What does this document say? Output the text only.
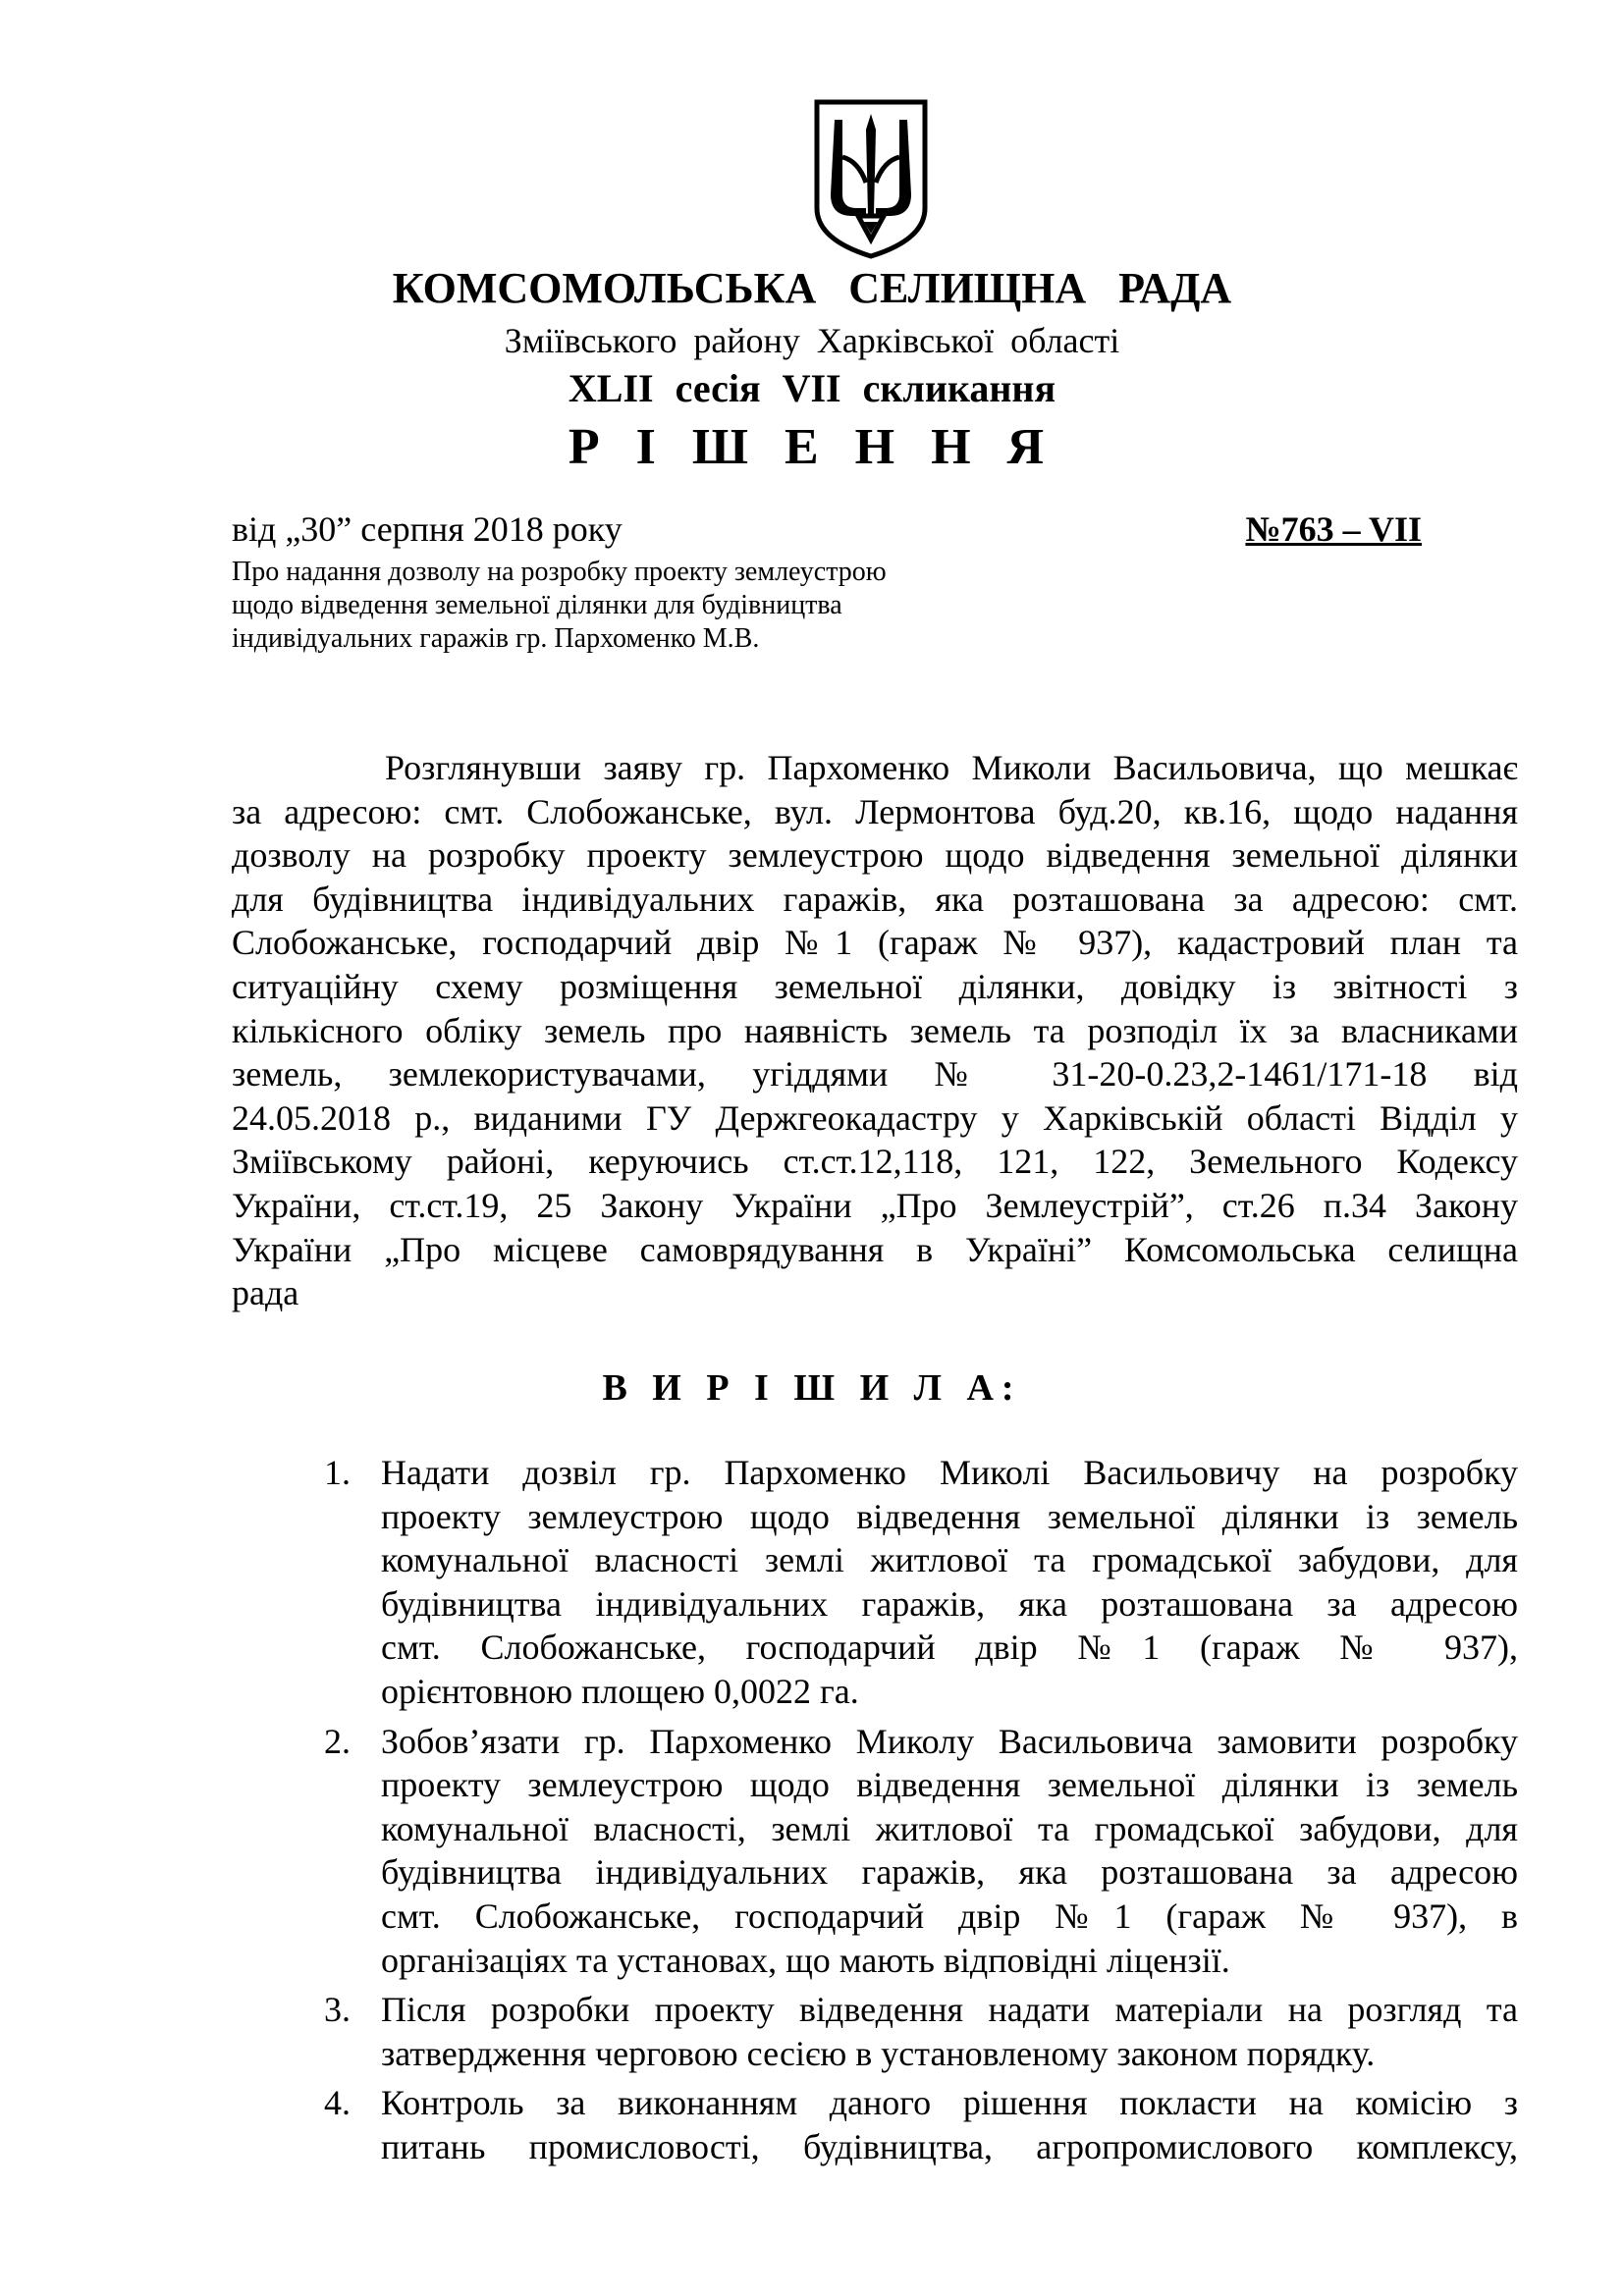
КОМСОМОЛЬСЬКА СЕЛИЩНА РАДА
Зміївського району Харківської області
XLII сесія VII скликання
Р І Ш Е Н Н Я
від „30” серпня 2018 року	№763 – VII
Про надання дозволу на розробку проекту землеустрою
щодо відведення земельної ділянки для будівництва
індивідуальних гаражів гр. Пархоменко М.В.
Розглянувши заяву гр. Пархоменко Миколи Васильовича, що мешкає
за адресою: смт. Слобожанське, вул. Лермонтова буд.20, кв.16, щодо надання
дозволу на розробку проекту землеустрою щодо відведення земельної ділянки
для будівництва індивідуальних гаражів, яка розташована за адресою: смт.
Слобожанське, господарчий двір №1 (гараж № 937), кадастровий план та
ситуаційну схему розміщення земельної ділянки, довідку із звітності з
кількісного обліку земель про наявність земель та розподіл їх за власниками
земель, землекористувачами, угіддями № 31-20-0.23,2-1461/171-18 від
24.05.2018 р., виданими ГУ Держгеокадастру у Харківській області Відділ у
Зміївському районі, керуючись ст.ст.12,118, 121, 122, Земельного Кодексу
України, ст.ст.19, 25 Закону України „Про Землеустрій”, ст.26 п.34 Закону
України „Про місцеве самоврядування в Україні” Комсомольська селищна
рада
В И Р І Ш И Л А:
1. Надати дозвіл гр. Пархоменко Миколі Васильовичу на розробку
проекту землеустрою щодо відведення земельної ділянки із земель
комунальної власності землі житлової та громадської забудови, для
будівництва індивідуальних гаражів, яка розташована за адресою
смт. Слобожанське, господарчий двір №1 (гараж № 937),
орієнтовною площею 0,0022 га.
2. Зобов’язати гр. Пархоменко Миколу Васильовича замовити розробку
проекту землеустрою щодо відведення земельної ділянки із земель
комунальної власності, землі житлової та громадської забудови, для
будівництва індивідуальних гаражів, яка розташована за адресою
смт. Слобожанське, господарчий двір №1 (гараж № 937), в
організаціях та установах, що мають відповідні ліцензії.
3. Після розробки проекту відведення надати матеріали на розгляд та
затвердження черговою сесією в установленому законом порядку.
4. Контроль за виконанням даного рішення покласти на комісію з
питань промисловості, будівництва, агропромислового комплексу,
